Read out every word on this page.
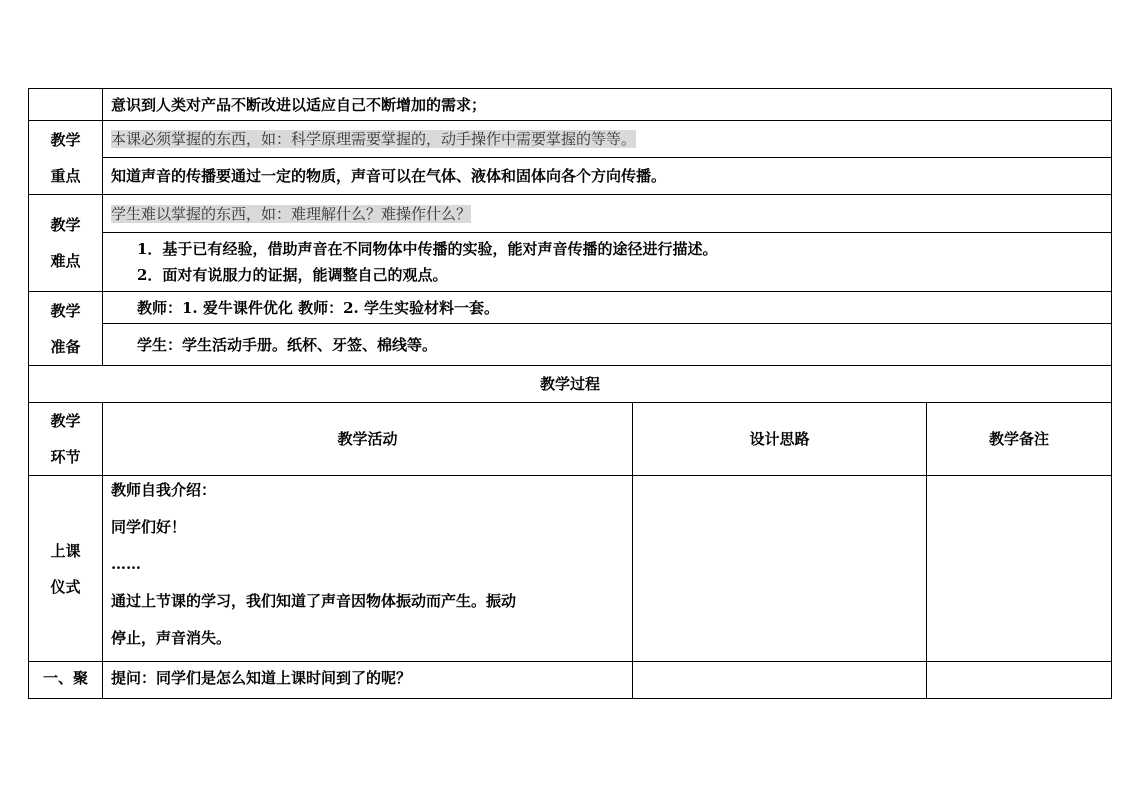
	意识到人类对产品不断改进以适应自己不断增加的需求；		

教学
重点	本课必须掌握的东西，如：科学原理需要掌握的，动手操作中需要掌握的等等。		
	知道声音的传播要通过一定的物质，声音可以在气体、液体和固体向各个方向传播。		

教学
难点	学生难以掌握的东西，如：难理解什么？难操作什么？		

	1．基于已有经验，借助声音在不同物体中传播的实验，能对声音传播的途径进行描述。
2．面对有说服力的证据，能调整自己的观点。		

教学
准备	教师：1. 爱牛课件优化 教师：2. 学生实验材料一套。		
	学生：学生活动手册。纸杯、牙签、棉线等。		
教学过程			

教学
环节	教学活动	设计思路	教学备注

上课
仪式	教师自我介绍：
同学们好！
……
通过上节课的学习，我们知道了声音因物体振动而产生。振动
停止，声音消失。		

一、聚	提问：同学们是怎么知道上课时间到了的呢？		
